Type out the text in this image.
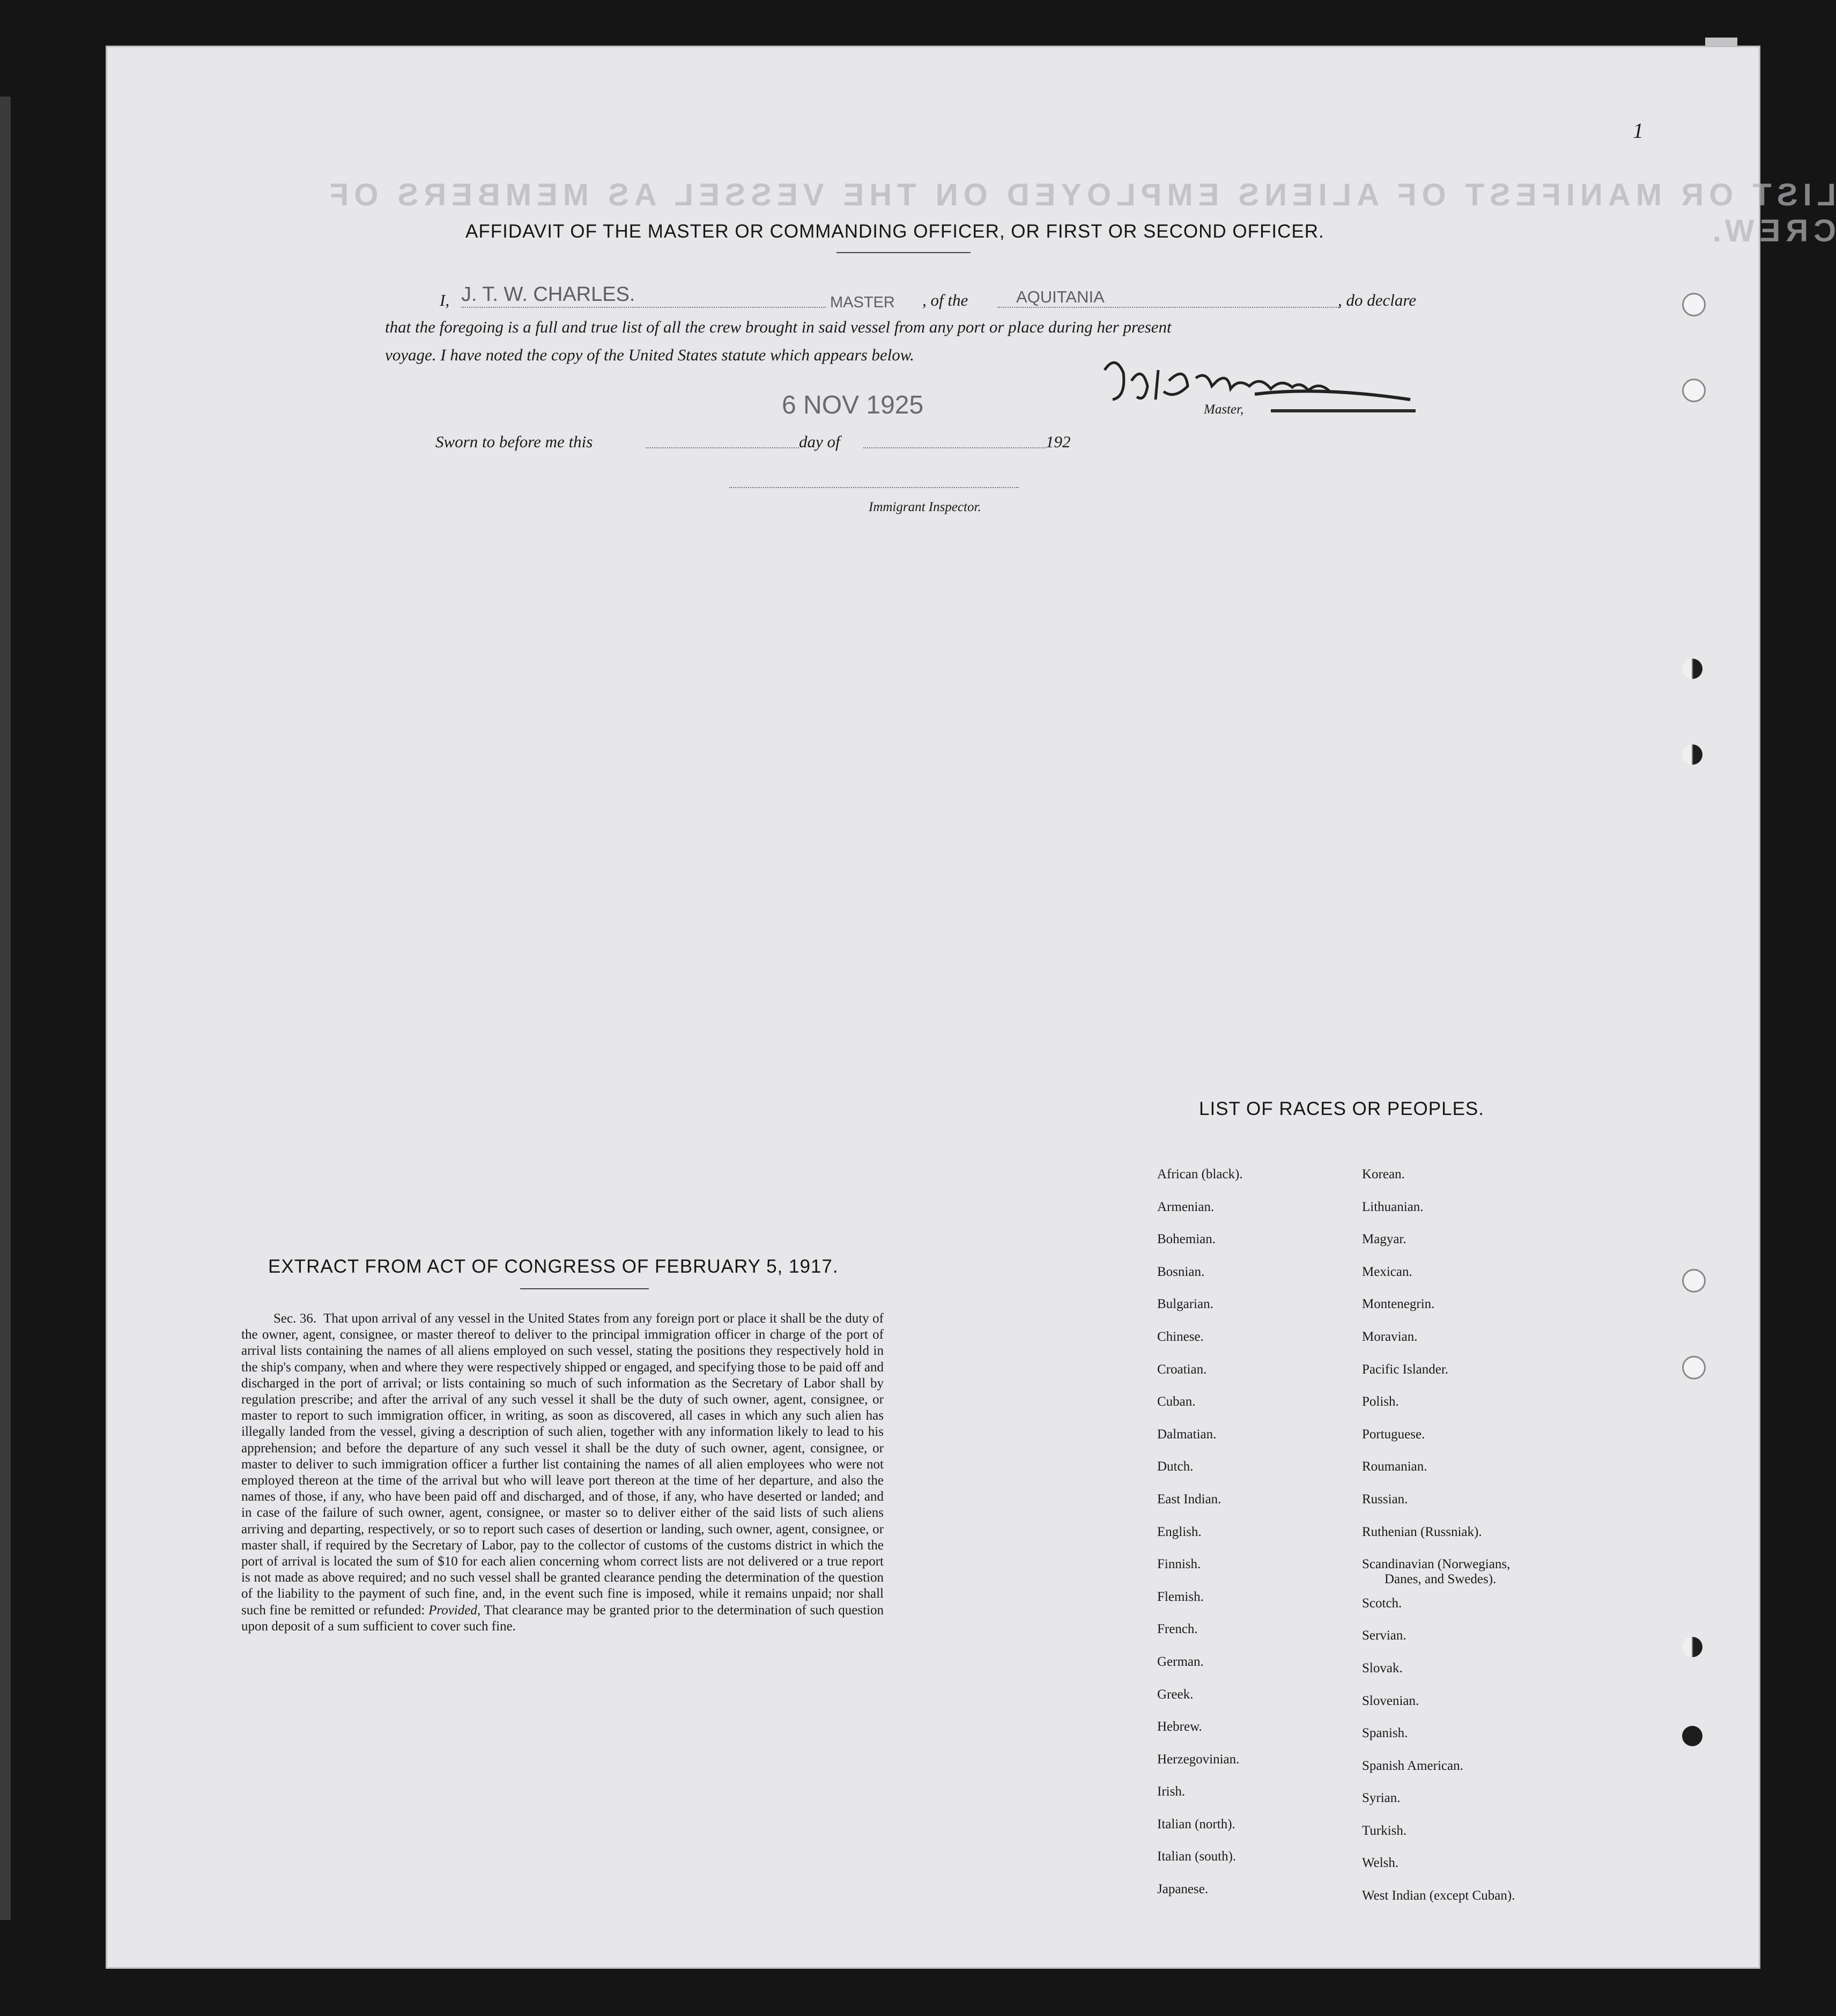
LIST OR MANIFEST OF ALIENS EMPLOYED ON THE VESSEL AS MEMBERS OF CREW.
1
AFFIDAVIT OF THE MASTER OR COMMANDING OFFICER, OR FIRST OR SECOND OFFICER.
I, J. T. W. CHARLES.	MASTER , of the	AQUITANIA	, do declare
that the foregoing is a full and true list of all the crew brought in said vessel from any port or place during her present
voyage. I have noted the copy of the United States statute which appears below.
6 NOV 1925	Master,
Sworn to before me this	day of	192
Immigrant Inspector.
EXTRACT FROM ACT OF CONGRESS OF FEBRUARY 5, 1917.

Sec. 36. That upon arrival of any vessel in the United States from any foreign port or place it shall be the duty of the owner, agent, consignee, or master thereof to deliver to the principal immigration officer in charge of the port of arrival lists containing the names of all aliens employed on such vessel, stating the positions they respectively hold in the ship's company, when and where they were respectively shipped or engaged, and specifying those to be paid off and discharged in the port of arrival; or lists containing so much of such information as the Secretary of Labor shall by regulation prescribe; and after the arrival of any such vessel it shall be the duty of such owner, agent, consignee, or master to report to such immigration officer, in writing, as soon as discovered, all cases in which any such alien has illegally landed from the vessel, giving a description of such alien, together with any information likely to lead to his apprehension; and before the departure of any such vessel it shall be the duty of such owner, agent, consignee, or master to deliver to such immigration officer a further list containing the names of all alien employees who were not employed thereon at the time of the arrival but who will leave port thereon at the time of her departure, and also the names of those, if any, who have been paid off and discharged, and of those, if any, who have deserted or landed; and in case of the failure of such owner, agent, consignee, or master so to deliver either of the said lists of such aliens arriving and departing, respectively, or so to report such cases of desertion or landing, such owner, agent, consignee, or master shall, if required by the Secretary of Labor, pay to the collector of customs of the customs district in which the port of arrival is located the sum of $10 for each alien concerning whom correct lists are not delivered or a true report is not made as above required; and no such vessel shall be granted clearance pending the determination of the question of the liability to the payment of such fine, and, in the event such fine is imposed, while it remains unpaid; nor shall such fine be remitted or refunded: Provided, That clearance may be granted prior to the determination of such question upon deposit of a sum sufficient to cover such fine.

LIST OF RACES OR PEOPLES.
African (black).
Armenian.
Bohemian.
Bosnian.
Bulgarian.
Chinese.
Croatian.
Cuban.
Dalmatian.
Dutch.
East Indian.
English.
Finnish.
Flemish.
French.
German.
Greek.
Hebrew.
Herzegovinian.
Irish.
Italian (north).
Italian (south).
Japanese.
Korean.
Lithuanian.
Magyar.
Mexican.
Montenegrin.
Moravian.
Pacific Islander.
Polish.
Portuguese.
Roumanian.
Russian.
Ruthenian (Russniak).
Scandinavian (Norwegians,
Danes, and Swedes).
Scotch.
Servian.
Slovak.
Slovenian.
Spanish.
Spanish American.
Syrian.
Turkish.
Welsh.
West Indian (except Cuban).
